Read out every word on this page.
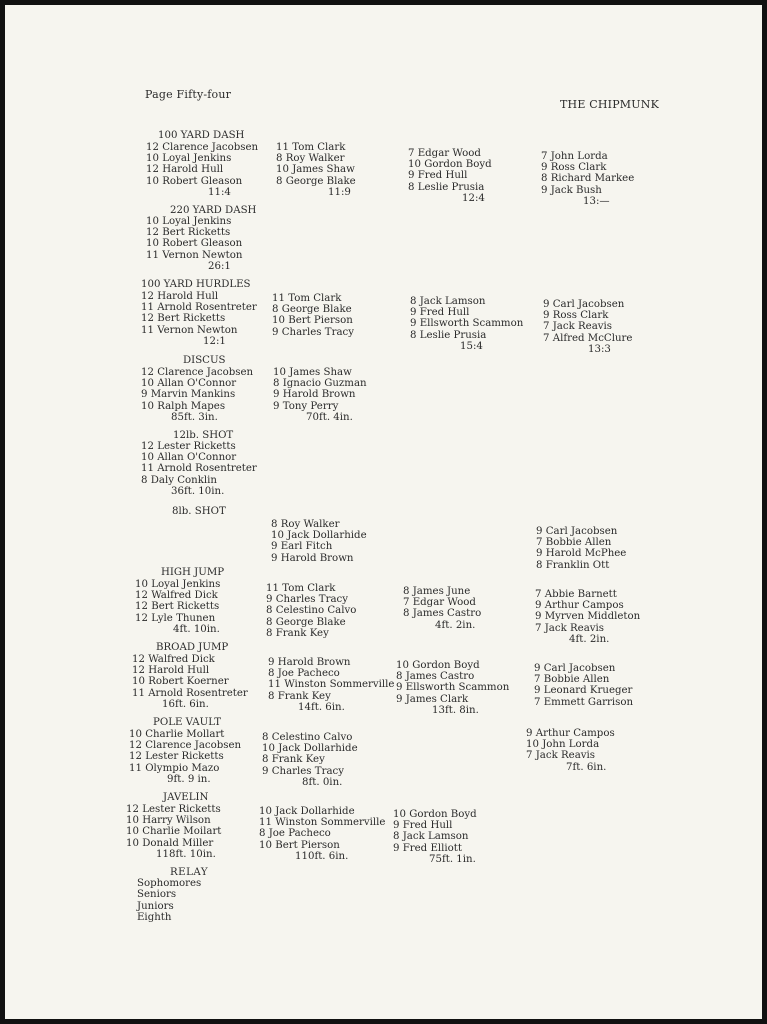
Page Fifty-four
THE CHIPMUNK
100 YARD DASH
12 Clarence Jacobsen
10 Loyal Jenkins
12 Harold Hull
10 Robert Gleason
11:4
11 Tom Clark
8 Roy Walker
10 James Shaw
8 George Blake
11:9
7 Edgar Wood
10 Gordon Boyd
9 Fred Hull
8 Leslie Prusia
12:4
7 John Lorda
9 Ross Clark
8 Richard Markee
9 Jack Bush
13:—
220 YARD DASH
10 Loyal Jenkins
12 Bert Ricketts
10 Robert Gleason
11 Vernon Newton
26:1
100 YARD HURDLES
12 Harold Hull
11 Arnold Rosentreter
12 Bert Ricketts
11 Vernon Newton
12:1
11 Tom Clark
8 George Blake
10 Bert Pierson
9 Charles Tracy
8 Jack Lamson
9 Fred Hull
9 Ellsworth Scammon
8 Leslie Prusia
15:4
9 Carl Jacobsen
9 Ross Clark
7 Jack Reavis
7 Alfred McClure
13:3
DISCUS
12 Clarence Jacobsen
10 Allan O'Connor
9 Marvin Mankins
10 Ralph Mapes
85ft. 3in.
10 James Shaw
8 Ignacio Guzman
9 Harold Brown
9 Tony Perry
70ft. 4in.
12lb. SHOT
12 Lester Ricketts
10 Allan O'Connor
11 Arnold Rosentreter
8 Daly Conklin
36ft. 10in.
8lb. SHOT
8 Roy Walker
10 Jack Dollarhide
9 Earl Fitch
9 Harold Brown
9 Carl Jacobsen
7 Bobbie Allen
9 Harold McPhee
8 Franklin Ott
HIGH JUMP
10 Loyal Jenkins
12 Walfred Dick
12 Bert Ricketts
12 Lyle Thunen
4ft. 10in.
11 Tom Clark
9 Charles Tracy
8 Celestino Calvo
8 George Blake
8 Frank Key
8 James June
7 Edgar Wood
8 James Castro
4ft. 2in.
7 Abbie Barnett
9 Arthur Campos
9 Myrven Middleton
7 Jack Reavis
4ft. 2in.
BROAD JUMP
12 Walfred Dick
12 Harold Hull
10 Robert Koerner
11 Arnold Rosentreter
16ft. 6in.
9 Harold Brown
8 Joe Pacheco
11 Winston Sommerville
8 Frank Key
14ft. 6in.
10 Gordon Boyd
8 James Castro
9 Ellsworth Scammon
9 James Clark
13ft. 8in.
9 Carl Jacobsen
7 Bobbie Allen
9 Leonard Krueger
7 Emmett Garrison
POLE VAULT
10 Charlie Mollart
12 Clarence Jacobsen
12 Lester Ricketts
11 Olympio Mazo
9ft. 9 in.
8 Celestino Calvo
10 Jack Dollarhide
8 Frank Key
9 Charles Tracy
8ft. 0in.
9 Arthur Campos
10 John Lorda
7 Jack Reavis
7ft. 6in.
JAVELIN
12 Lester Ricketts
10 Harry Wilson
10 Charlie Moilart
10 Donald Miller
118ft. 10in.
10 Jack Dollarhide
11 Winston Sommerville
8 Joe Pacheco
10 Bert Pierson
110ft. 6in.
10 Gordon Boyd
9 Fred Hull
8 Jack Lamson
9 Fred Elliott
75ft. 1in.
RELAY
Sophomores
Seniors
Juniors
Eighth
